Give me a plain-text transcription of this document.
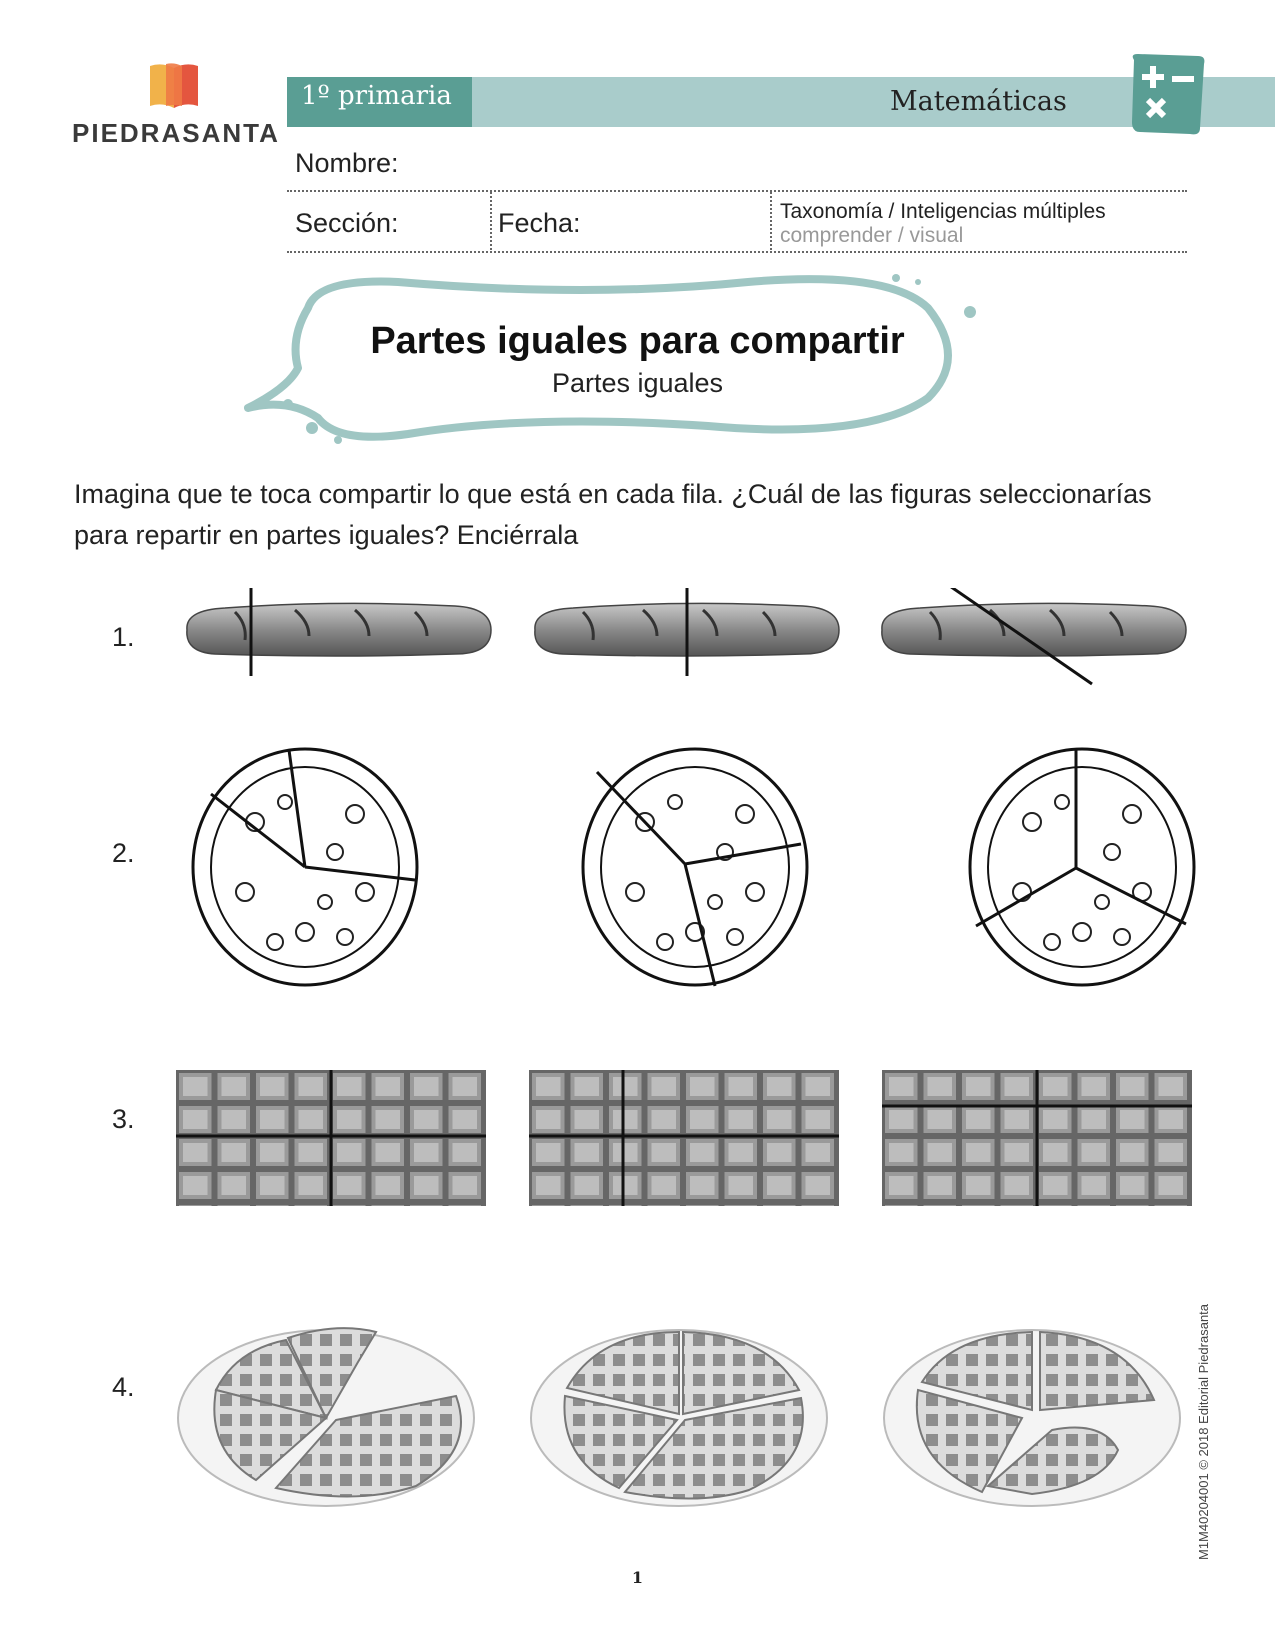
PIEDRASANTA
1º primaria	Matemáticas
Nombre:
Sección:	Fecha:	Taxonomía / Inteligencias múltiples
comprender / visual
Partes iguales para compartir
Partes iguales
Imagina que te toca compartir lo que está en cada fila. ¿Cuál de las figuras seleccionarías para repartir en partes iguales? Enciérrala
1.
2.
3.
4.
1
M1M40204001 © 2018 Editorial Piedrasanta
